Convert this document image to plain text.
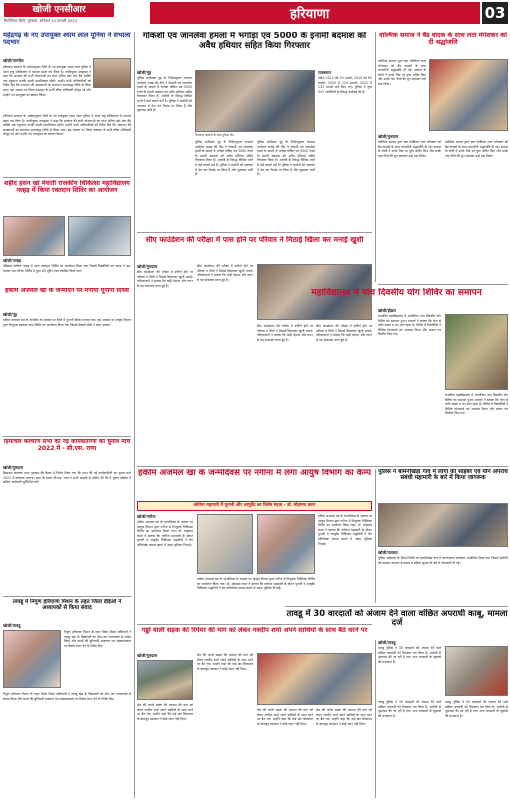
खोजी एनसीआर
मिलेनियम सिटी, गुरुग्राम, शनिवार 12 फरवरी 2022	हरियाणा	03
महेंद्रगढ़ के नए उपायुक्त श्याम लाल पूनिया ने संभाला पदभार
खोजी/नारनौल
हरियाणा सरकार के आदेशानुसार जिले के नए उपायुक्त श्याम लाल पूनिया ने आज लघु सचिवालय में पदभार ग्रहण कर लिया है। नवनियुक्त उपायुक्त ने कहा कि सरकार की सभी योजनाओं का लाभ अंतिम छोर तक बैठे व्यक्ति तक पहुंचाना उनकी पहली प्राथमिकता रहेगी। उन्होंने सभी अधिकारियों को निर्देश दिए कि आमजन की समस्याओं का समाधान समयबद्ध तरीके से किया जाए। इस अवसर पर जिला प्रशासन के सभी वरिष्ठ अधिकारी मौजूद रहे और उन्होंने नए उपायुक्त का स्वागत किया।
हरियाणा सरकार के आदेशानुसार जिले के नए उपायुक्त श्याम लाल पूनिया ने आज लघु सचिवालय में पदभार ग्रहण कर लिया है। नवनियुक्त उपायुक्त ने कहा कि सरकार की सभी योजनाओं का लाभ अंतिम छोर तक बैठे व्यक्ति तक पहुंचाना उनकी पहली प्राथमिकता रहेगी। उन्होंने सभी अधिकारियों को निर्देश दिए कि आमजन की समस्याओं का समाधान समयबद्ध तरीके से किया जाए। इस अवसर पर जिला प्रशासन के सभी वरिष्ठ अधिकारी मौजूद रहे और उन्होंने नए उपायुक्त का स्वागत किया।
शहीद हसन खां मेवाती राजकीय चिकित्सा महाविद्यालय नल्हड़ में किया रक्तदान शिविर का आयोजन
खोजी/नल्हड़
मेडिकल कॉलेज नल्हड़ में आज रक्तदान शिविर का आयोजन किया गया जिसमें विद्यार्थियों एवं स्टाफ ने बढ़-चढ़कर भाग लिया। शिविर में कुल 85 यूनिट रक्त एकत्रित किया गया।
हकीम अजमल खां के जन्मदिन पर मनाया यूनानी दिवस
खोजी/नूंह
हकीम अजमल खां के जन्मदिन के अवसर पर जिले में यूनानी दिवस मनाया गया। इस अवसर पर आयुष विभाग द्वारा निःशुल्क स्वास्थ्य जांच शिविर का आयोजन किया गया जिसमें सैकड़ों लोगों ने लाभ उठाया।
हिमाचल कल्याण सभा की नई कार्यकारिणी का चुनाव मार्च 2022 में - सी.एस. राणा
खोजी/गुरुग्राम
हिमाचल कल्याण सभा गुरुग्राम की बैठक में निर्णय लिया गया कि सभा की नई कार्यकारिणी का चुनाव मार्च 2022 में करवाया जाएगा। सभा के प्रधान सी.एस. राणा ने सभी सदस्यों से अपील की कि वे चुनाव प्रक्रिया में सक्रिय भागीदारी सुनिश्चित करें।
तावडू में निपुण हरियाणा मिशन के तहत जिला डीईओ ने अध्यापकों से किया संवाद
खोजी/तावडू
निपुण हरियाणा मिशन के तहत जिला शिक्षा अधिकारी ने तावडू खंड के विद्यालयों का दौरा कर अध्यापकों से संवाद किया और बच्चों की बुनियादी साक्षरता एवं संख्यात्मकता पर विशेष ध्यान देने के निर्देश दिए।
निपुण हरियाणा मिशन के तहत जिला शिक्षा अधिकारी ने तावडू खंड के विद्यालयों का दौरा कर अध्यापकों से संवाद किया और बच्चों की बुनियादी साक्षरता एवं संख्यात्मकता पर विशेष ध्यान देने के निर्देश दिए।
गोकशी एवं जानलेवा हमला में भगोड़ा एवं 5000 के इनामी बदमाश को अवैध हथियार सहित किया गिरफ्तार
खोजी/नूंह
पुलिस अधीक्षक नूंह के निर्देशानुसार अपराध अन्वेषण शाखा की टीम ने गोकशी एवं जानलेवा हमले के मामले में भगोड़ा घोषित एवं 5000 रुपये के इनामी बदमाश को अवैध हथियार सहित गिरफ्तार किया है। आरोपी के विरुद्ध विभिन्न थानों में कई मामले दर्ज हैं। पुलिस ने आरोपी को अदालत में पेश कर रिमांड पर लिया है और पूछताछ जारी है।
गिरफ्तार आरोपी के साथ पुलिस टीम
पुलिस अधीक्षक नूंह के निर्देशानुसार अपराध अन्वेषण शाखा की टीम ने गोकशी एवं जानलेवा हमले के मामले में भगोड़ा घोषित एवं 5000 रुपये के इनामी बदमाश को अवैध हथियार सहित गिरफ्तार किया है। आरोपी के विरुद्ध विभिन्न थानों में कई मामले दर्ज हैं। पुलिस ने आरोपी को अदालत में पेश कर रिमांड पर लिया है और पूछताछ जारी है।
पुलिस अधीक्षक नूंह के निर्देशानुसार अपराध अन्वेषण शाखा की टीम ने गोकशी एवं जानलेवा हमले के मामले में भगोड़ा घोषित एवं 5000 रुपये के इनामी बदमाश को अवैध हथियार सहित गिरफ्तार किया है। आरोपी के विरुद्ध विभिन्न थानों में कई मामले दर्ज हैं। पुलिस ने आरोपी को अदालत में पेश कर रिमांड पर लिया है और पूछताछ जारी है।
राजस्थान
अप्रैल 2015 को 20 मामले; 2019 को 65 मामले; 2020 में 124 मामले; 2021 में 243 मामले दर्ज किए गए। पुलिस ने कुल 547 आरोपियों के विरुद्ध कार्रवाई की है।
वाल्मिक समाज ने बैंड वादक के साथ लता मंगेशकर को दी श्रद्धांजलि
वाल्मिक समाज द्वारा स्वर कोकिला लता मंगेशकर को बैंड वादकों के साथ भावभीनी श्रद्धांजलि दी गई। समाज के लोगों ने उनके चित्र पर पुष्प अर्पित किए और उनके गाए गीतों की धुन बजाकर उन्हें याद किया।
खोजी/गुरुग्राम
वाल्मिक समाज द्वारा स्वर कोकिला लता मंगेशकर को बैंड वादकों के साथ भावभीनी श्रद्धांजलि दी गई। समाज के लोगों ने उनके चित्र पर पुष्प अर्पित किए और उनके गाए गीतों की धुन बजाकर उन्हें याद किया।
वाल्मिक समाज द्वारा स्वर कोकिला लता मंगेशकर को बैंड वादकों के साथ भावभीनी श्रद्धांजलि दी गई। समाज के लोगों ने उनके चित्र पर पुष्प अर्पित किए और उनके गाए गीतों की धुन बजाकर उन्हें याद किया।
सीए फाउंडेशन की परीक्षा में पास होने पर परिवार ने मिठाई खिला कर मनाई खुशी
खोजी/गुरुग्राम
सीए फाउंडेशन की परीक्षा में उत्तीर्ण होने पर परिवार व मित्रों ने मिठाई खिलाकर खुशी मनाई। परिवारजनों ने बताया कि कड़ी मेहनत और लगन से यह सफलता प्राप्त हुई है।
सीए फाउंडेशन की परीक्षा में उत्तीर्ण होने पर परिवार व मित्रों ने मिठाई खिलाकर खुशी मनाई। परिवारजनों ने बताया कि कड़ी मेहनत और लगन से यह सफलता प्राप्त हुई है।
सीए फाउंडेशन की परीक्षा में उत्तीर्ण होने पर परिवार व मित्रों ने मिठाई खिलाकर खुशी मनाई। परिवारजनों ने बताया कि कड़ी मेहनत और लगन से यह सफलता प्राप्त हुई है।
सीए फाउंडेशन की परीक्षा में उत्तीर्ण होने पर परिवार व मित्रों ने मिठाई खिलाकर खुशी मनाई। परिवारजनों ने बताया कि कड़ी मेहनत और लगन से यह सफलता प्राप्त हुई है।
महाविद्यालय में पांच दिवसीय योग शिविर का समापन
खोजी/होडल
राजकीय महाविद्यालय में आयोजित पांच दिवसीय योग शिविर का समापन हुआ। प्राचार्य ने बताया कि योग से शरीर स्वस्थ व मन शांत रहता है। शिविर में विद्यार्थियों ने विभिन्न योगासनों का अभ्यास किया और प्रमाण पत्र वितरित किए गए।
राजकीय महाविद्यालय में आयोजित पांच दिवसीय योग शिविर का समापन हुआ। प्राचार्य ने बताया कि योग से शरीर स्वस्थ व मन शांत रहता है। शिविर में विद्यार्थियों ने विभिन्न योगासनों का अभ्यास किया और प्रमाण पत्र वितरित किए गए।
हकीम अजमल खां के जन्मदिवस पर नगीना में लगा आयुष विभाग का कैम्प
कोरोना महामारी में यूनानी और आयुर्वेद का विशेष महत्व - डॉ. मोहम्मद कमर
खोजी/नगीना
हकीम अजमल खां के जन्मदिवस के अवसर पर आयुष विभाग द्वारा नगीना में निःशुल्क चिकित्सा शिविर का आयोजन किया गया। डॉ. मोहम्मद कमर ने बताया कि कोरोना महामारी के दौरान यूनानी व आयुर्वेद चिकित्सा पद्धतियों ने रोग प्रतिरोधक क्षमता बढ़ाने में अहम भूमिका निभाई।
हकीम अजमल खां के जन्मदिवस के अवसर पर आयुष विभाग द्वारा नगीना में निःशुल्क चिकित्सा शिविर का आयोजन किया गया। डॉ. मोहम्मद कमर ने बताया कि कोरोना महामारी के दौरान यूनानी व आयुर्वेद चिकित्सा पद्धतियों ने रोग प्रतिरोधक क्षमता बढ़ाने में अहम भूमिका निभाई।
हकीम अजमल खां के जन्मदिवस के अवसर पर आयुष विभाग द्वारा नगीना में निःशुल्क चिकित्सा शिविर का आयोजन किया गया। डॉ. मोहम्मद कमर ने बताया कि कोरोना महामारी के दौरान यूनानी व आयुर्वेद चिकित्सा पद्धतियों ने रोग प्रतिरोधक क्षमता बढ़ाने में अहम भूमिका निभाई।
पुलिस ने बामनीखेड़ा गांव में लोगों को साइबर एवं यौन अपराध संबंधी महामारी के बारे में किया जागरूक
खोजी/पलवल
पुलिस अधीक्षक के दिशा-निर्देशों पर बामनीखेड़ा गांव में जागरूकता कार्यक्रम आयोजित किया गया जिसमें ग्रामीणों को साइबर अपराध से बचाव व महिला सुरक्षा के बारे में जानकारी दी गई।
गड्ढों वाली सड़क की रिपेयर की मांग को लेकर नवदीप शर्मा अपने साथियों के साथ बैठे धरने पर
खोजी/गुरुग्राम
क्षेत्र की जर्जर सड़क की मरम्मत की मांग को लेकर नवदीप शर्मा अपने साथियों के साथ धरने पर बैठ गए। उन्होंने कहा कि कई बार शिकायत के बावजूद प्रशासन ने कोई ध्यान नहीं दिया।
क्षेत्र की जर्जर सड़क की मरम्मत की मांग को लेकर नवदीप शर्मा अपने साथियों के साथ धरने पर बैठ गए। उन्होंने कहा कि कई बार शिकायत के बावजूद प्रशासन ने कोई ध्यान नहीं दिया।
क्षेत्र की जर्जर सड़क की मरम्मत की मांग को लेकर नवदीप शर्मा अपने साथियों के साथ धरने पर बैठ गए। उन्होंने कहा कि कई बार शिकायत के बावजूद प्रशासन ने कोई ध्यान नहीं दिया।
क्षेत्र की जर्जर सड़क की मरम्मत की मांग को लेकर नवदीप शर्मा अपने साथियों के साथ धरने पर बैठ गए। उन्होंने कहा कि कई बार शिकायत के बावजूद प्रशासन ने कोई ध्यान नहीं दिया।
तावडू में 30 वारदातों को अंजाम देने वाला वांछित अपराधी काबू, मामला दर्ज
खोजी/तावडू
तावडू पुलिस ने 30 वारदातों को अंजाम देने वाले वांछित अपराधी को गिरफ्तार कर लिया है। आरोपी से पूछताछ की जा रही है तथा अन्य वारदातों के खुलासे की संभावना है।
तावडू पुलिस ने 30 वारदातों को अंजाम देने वाले वांछित अपराधी को गिरफ्तार कर लिया है। आरोपी से पूछताछ की जा रही है तथा अन्य वारदातों के खुलासे की संभावना है।
तावडू पुलिस ने 30 वारदातों को अंजाम देने वाले वांछित अपराधी को गिरफ्तार कर लिया है। आरोपी से पूछताछ की जा रही है तथा अन्य वारदातों के खुलासे की संभावना है।
